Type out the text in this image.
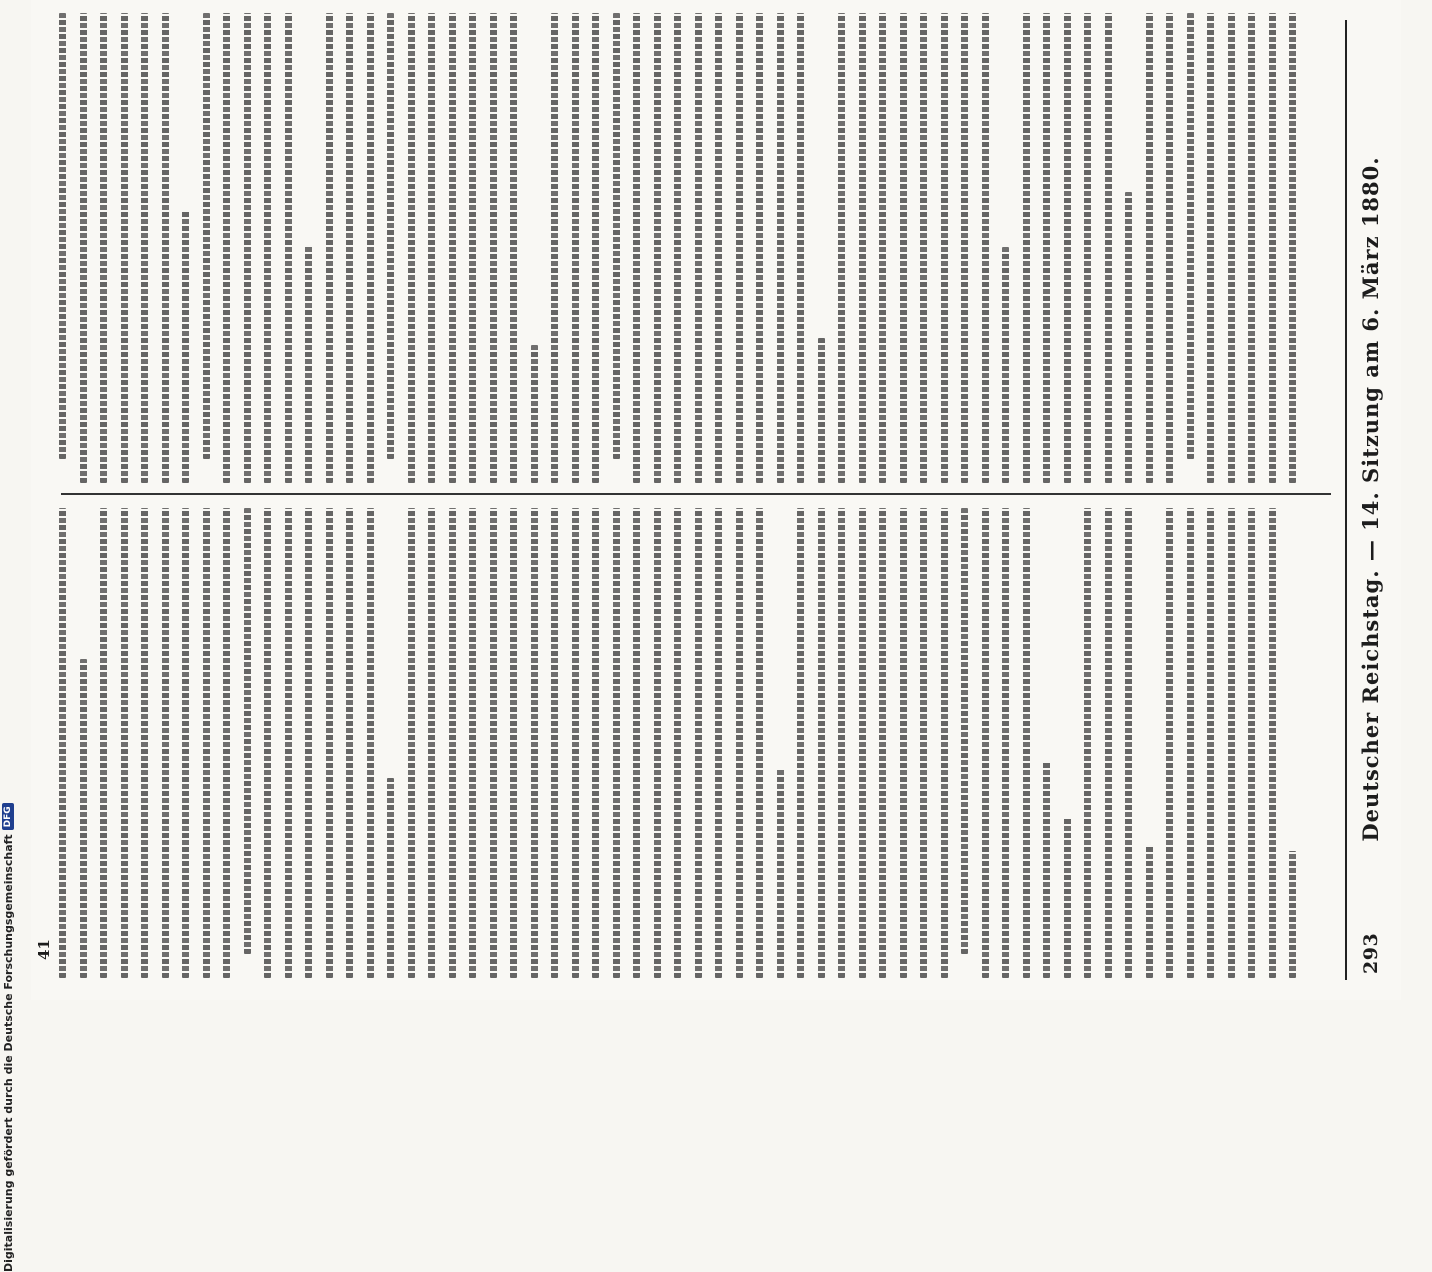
Deutscher Reichstag. — 14. Sitzung am 6. März 1880.
293
41
Digitalisierung gefördert durch die Deutsche Forschungsgemeinschaft
DFG
